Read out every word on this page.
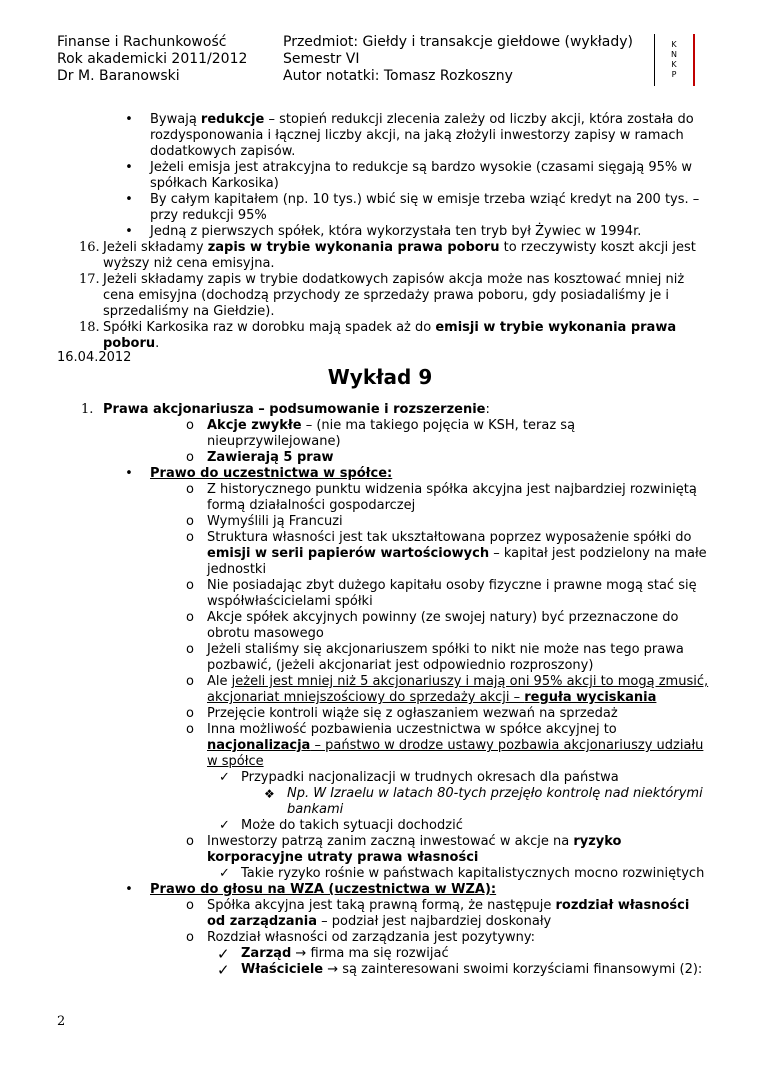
Finanse i Rachunkowość
Rok akademicki 2011/2012
Dr M. Baranowski
Przedmiot: Giełdy i transakcje giełdowe (wykłady)
Semestr VI
Autor notatki: Tomasz Rozkoszny
K
N
K
P
• Bywają redukcje – stopień redukcji zlecenia zależy od liczby akcji, która została do
rozdysponowania i łącznej liczby akcji, na jaką złożyli inwestorzy zapisy w ramach
dodatkowych zapisów.
• Jeżeli emisja jest atrakcyjna to redukcje są bardzo wysokie (czasami sięgają 95% w
spółkach Karkosika)
• By całym kapitałem (np. 10 tys.) wbić się w emisje trzeba wziąć kredyt na 200 tys. –
przy redukcji 95%
• Jedną z pierwszych spółek, która wykorzystała ten tryb był Żywiec w 1994r.
16. Jeżeli składamy zapis w trybie wykonania prawa poboru to rzeczywisty koszt akcji jest
wyższy niż cena emisyjna.
17. Jeżeli składamy zapis w trybie dodatkowych zapisów akcja może nas kosztować mniej niż
cena emisyjna (dochodzą przychody ze sprzedaży prawa poboru, gdy posiadaliśmy je i
sprzedaliśmy na Giełdzie).
18. Spółki Karkosika raz w dorobku mają spadek aż do emisji w trybie wykonania prawa
poboru.
16.04.2012
Wykład 9
1. Prawa akcjonariusza – podsumowanie i rozszerzenie:
o Akcje zwykłe – (nie ma takiego pojęcia w KSH, teraz są
nieuprzywilejowane)
o Zawierają 5 praw
• Prawo do uczestnictwa w spółce:
o Z historycznego punktu widzenia spółka akcyjna jest najbardziej rozwiniętą
formą działalności gospodarczej
o Wymyślili ją Francuzi
o Struktura własności jest tak ukształtowana poprzez wyposażenie spółki do
emisji w serii papierów wartościowych – kapitał jest podzielony na małe
jednostki
o Nie posiadając zbyt dużego kapitału osoby fizyczne i prawne mogą stać się
współwłaścicielami spółki
o Akcje spółek akcyjnych powinny (ze swojej natury) być przeznaczone do
obrotu masowego
o Jeżeli staliśmy się akcjonariuszem spółki to nikt nie może nas tego prawa
pozbawić, (jeżeli akcjonariat jest odpowiednio rozproszony)
o Ale jeżeli jest mniej niż 5 akcjonariuszy i mają oni 95% akcji to mogą zmusić,
akcjonariat mniejszościowy do sprzedaży akcji – reguła wyciskania
o Przejęcie kontroli wiąże się z ogłaszaniem wezwań na sprzedaż
o Inna możliwość pozbawienia uczestnictwa w spółce akcyjnej to
nacjonalizacja – państwo w drodze ustawy pozbawia akcjonariuszy udziału
w spółce
✓ Przypadki nacjonalizacji w trudnych okresach dla państwa
❖ Np. W Izraelu w latach 80-tych przejęło kontrolę nad niektórymi
bankami
✓ Może do takich sytuacji dochodzić
o Inwestorzy patrzą zanim zaczną inwestować w akcje na ryzyko
korporacyjne utraty prawa własności
✓ Takie ryzyko rośnie w państwach kapitalistycznych mocno rozwiniętych
• Prawo do głosu na WZA (uczestnictwa w WZA):
o Spółka akcyjna jest taką prawną formą, że następuje rozdział własności
od zarządzania – podział jest najbardziej doskonały
o Rozdział własności od zarządzania jest pozytywny:
✓ Zarząd → firma ma się rozwijać
✓ Właściciele → są zainteresowani swoimi korzyściami finansowymi (2):
2
